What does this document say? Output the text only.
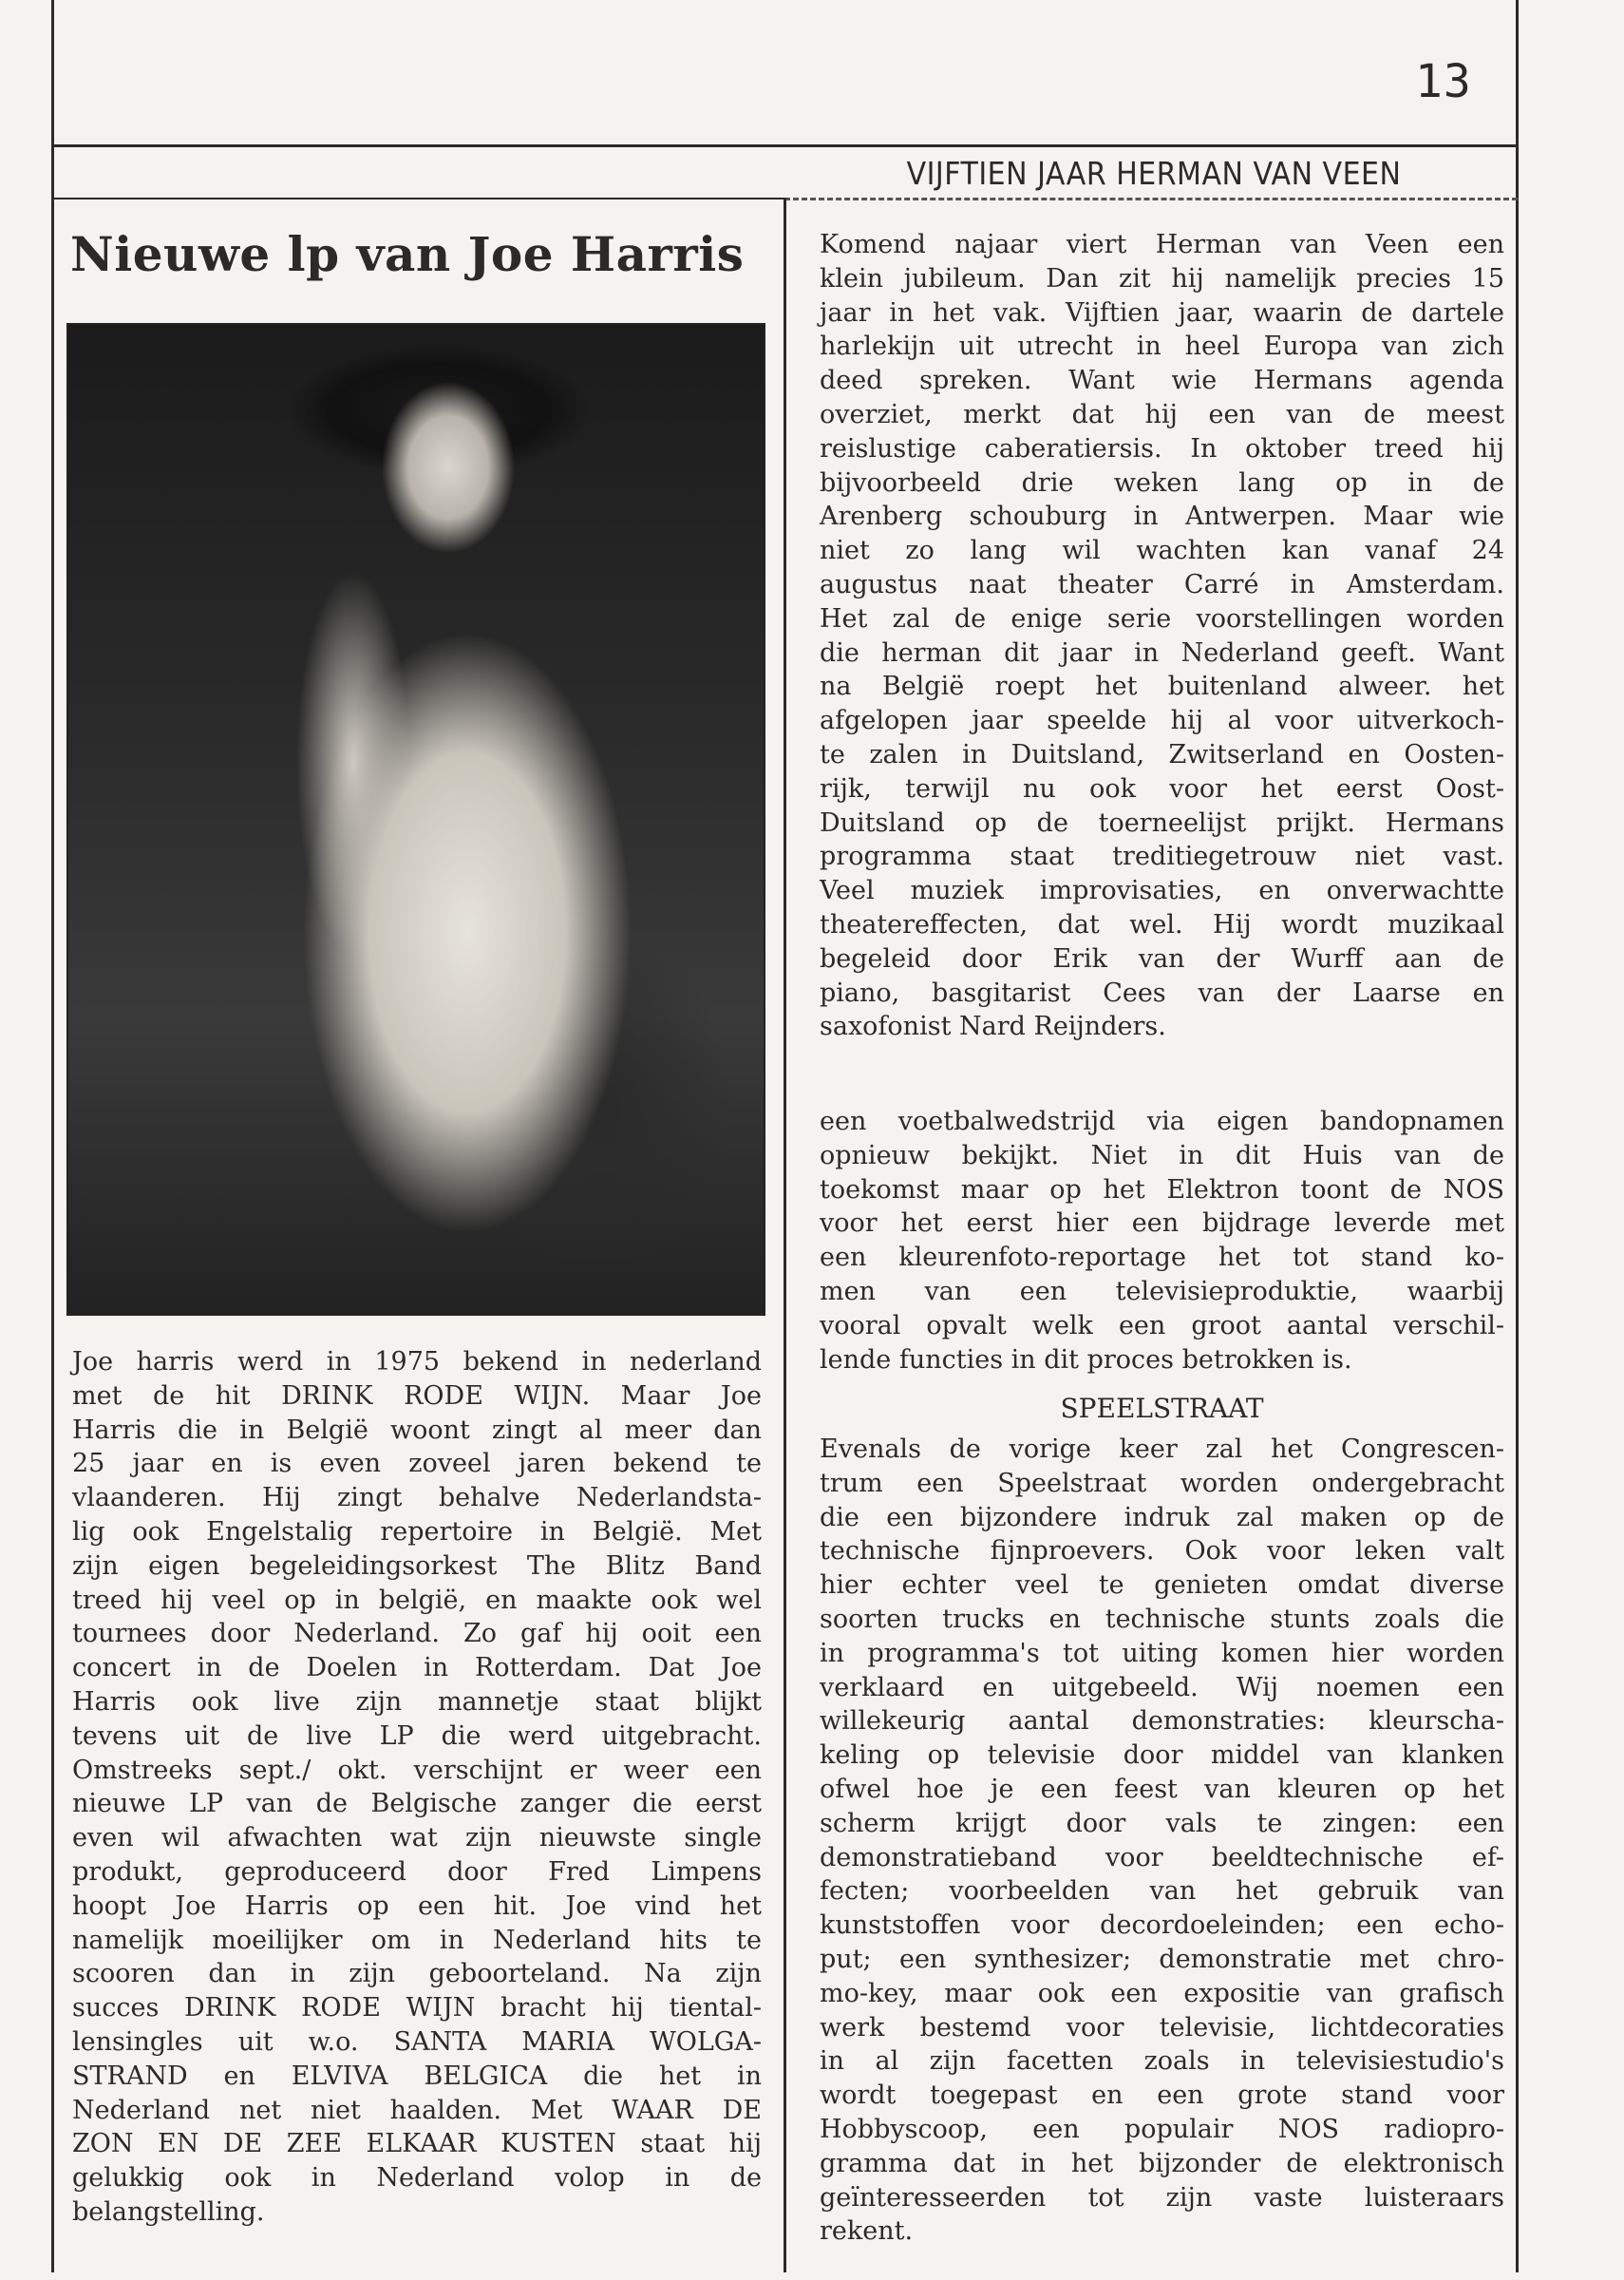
13
VIJFTIEN JAAR HERMAN VAN VEEN
Nieuwe lp van Joe Harris
Joe harris werd in 1975 bekend in nederland
met de hit DRINK RODE WIJN. Maar Joe
Harris die in België woont zingt al meer dan
25 jaar en is even zoveel jaren bekend te
vlaanderen. Hij zingt behalve Nederlandsta-
lig ook Engelstalig repertoire in België. Met
zijn eigen begeleidingsorkest The Blitz Band
treed hij veel op in belgië, en maakte ook wel
tournees door Nederland. Zo gaf hij ooit een
concert in de Doelen in Rotterdam. Dat Joe
Harris ook live zijn mannetje staat blijkt
tevens uit de live LP die werd uitgebracht.
Omstreeks sept./ okt. verschijnt er weer een
nieuwe LP van de Belgische zanger die eerst
even wil afwachten wat zijn nieuwste single
produkt, geproduceerd door Fred Limpens
hoopt Joe Harris op een hit. Joe vind het
namelijk moeilijker om in Nederland hits te
scooren dan in zijn geboorteland. Na zijn
succes DRINK RODE WIJN bracht hij tiental-
lensingles uit w.o. SANTA MARIA WOLGA-
STRAND en ELVIVA BELGICA die het in
Nederland net niet haalden. Met WAAR DE
ZON EN DE ZEE ELKAAR KUSTEN staat hij
gelukkig ook in Nederland volop in de
belangstelling.
Komend najaar viert Herman van Veen een
klein jubileum. Dan zit hij namelijk precies 15
jaar in het vak. Vijftien jaar, waarin de dartele
harlekijn uit utrecht in heel Europa van zich
deed spreken. Want wie Hermans agenda
overziet, merkt dat hij een van de meest
reislustige caberatiersis. In oktober treed hij
bijvoorbeeld drie weken lang op in de
Arenberg schouburg in Antwerpen. Maar wie
niet zo lang wil wachten kan vanaf 24
augustus naat theater Carré in Amsterdam.
Het zal de enige serie voorstellingen worden
die herman dit jaar in Nederland geeft. Want
na België roept het buitenland alweer. het
afgelopen jaar speelde hij al voor uitverkoch-
te zalen in Duitsland, Zwitserland en Oosten-
rijk, terwijl nu ook voor het eerst Oost-
Duitsland op de toerneelijst prijkt. Hermans
programma staat treditiegetrouw niet vast.
Veel muziek improvisaties, en onverwachtte
theatereffecten, dat wel. Hij wordt muzikaal
begeleid door Erik van der Wurff aan de
piano, basgitarist Cees van der Laarse en
saxofonist Nard Reijnders.
een voetbalwedstrijd via eigen bandopnamen
opnieuw bekijkt. Niet in dit Huis van de
toekomst maar op het Elektron toont de NOS
voor het eerst hier een bijdrage leverde met
een kleurenfoto-reportage het tot stand ko-
men van een televisieproduktie, waarbij
vooral opvalt welk een groot aantal verschil-
lende functies in dit proces betrokken is.
SPEELSTRAAT
Evenals de vorige keer zal het Congrescen-
trum een Speelstraat worden ondergebracht
die een bijzondere indruk zal maken op de
technische fijnproevers. Ook voor leken valt
hier echter veel te genieten omdat diverse
soorten trucks en technische stunts zoals die
in programma's tot uiting komen hier worden
verklaard en uitgebeeld. Wij noemen een
willekeurig aantal demonstraties: kleurscha-
keling op televisie door middel van klanken
ofwel hoe je een feest van kleuren op het
scherm krijgt door vals te zingen: een
demonstratieband voor beeldtechnische ef-
fecten; voorbeelden van het gebruik van
kunststoffen voor decordoeleinden; een echo-
put; een synthesizer; demonstratie met chro-
mo-key, maar ook een expositie van grafisch
werk bestemd voor televisie, lichtdecoraties
in al zijn facetten zoals in televisiestudio's
wordt toegepast en een grote stand voor
Hobbyscoop, een populair NOS radiopro-
gramma dat in het bijzonder de elektronisch
geïnteresseerden tot zijn vaste luisteraars
rekent.
